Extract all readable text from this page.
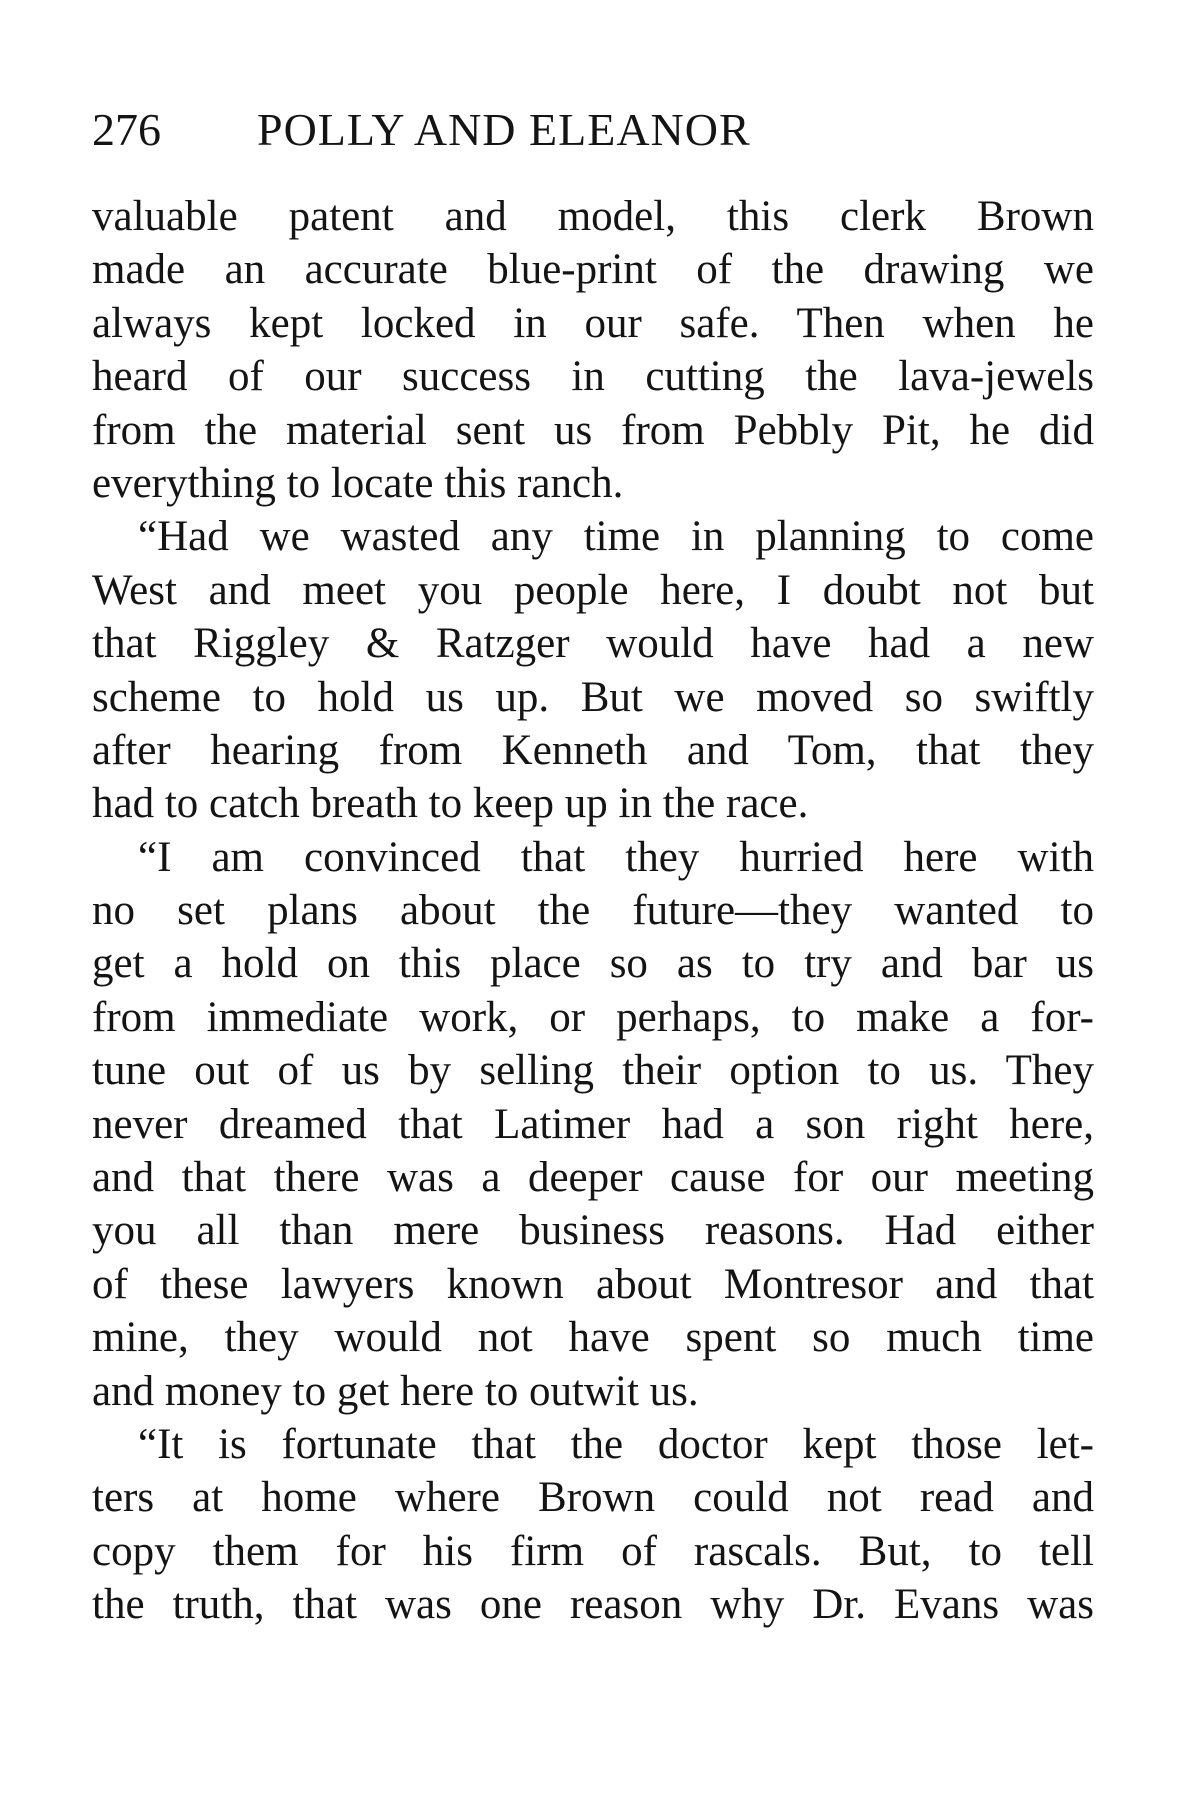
276 POLLY AND ELEANOR
valuable patent and model, this clerk Brown
made an accurate blue-print of the drawing we
always kept locked in our safe. Then when he
heard of our success in cutting the lava-jewels
from the material sent us from Pebbly Pit, he did
everything to locate this ranch.
“Had we wasted any time in planning to come
West and meet you people here, I doubt not but
that Riggley & Ratzger would have had a new
scheme to hold us up. But we moved so swiftly
after hearing from Kenneth and Tom, that they
had to catch breath to keep up in the race.
“I am convinced that they hurried here with
no set plans about the future—they wanted to
get a hold on this place so as to try and bar us
from immediate work, or perhaps, to make a for-
tune out of us by selling their option to us. They
never dreamed that Latimer had a son right here,
and that there was a deeper cause for our meeting
you all than mere business reasons. Had either
of these lawyers known about Montresor and that
mine, they would not have spent so much time
and money to get here to outwit us.
“It is fortunate that the doctor kept those let-
ters at home where Brown could not read and
copy them for his firm of rascals. But, to tell
the truth, that was one reason why Dr. Evans was
